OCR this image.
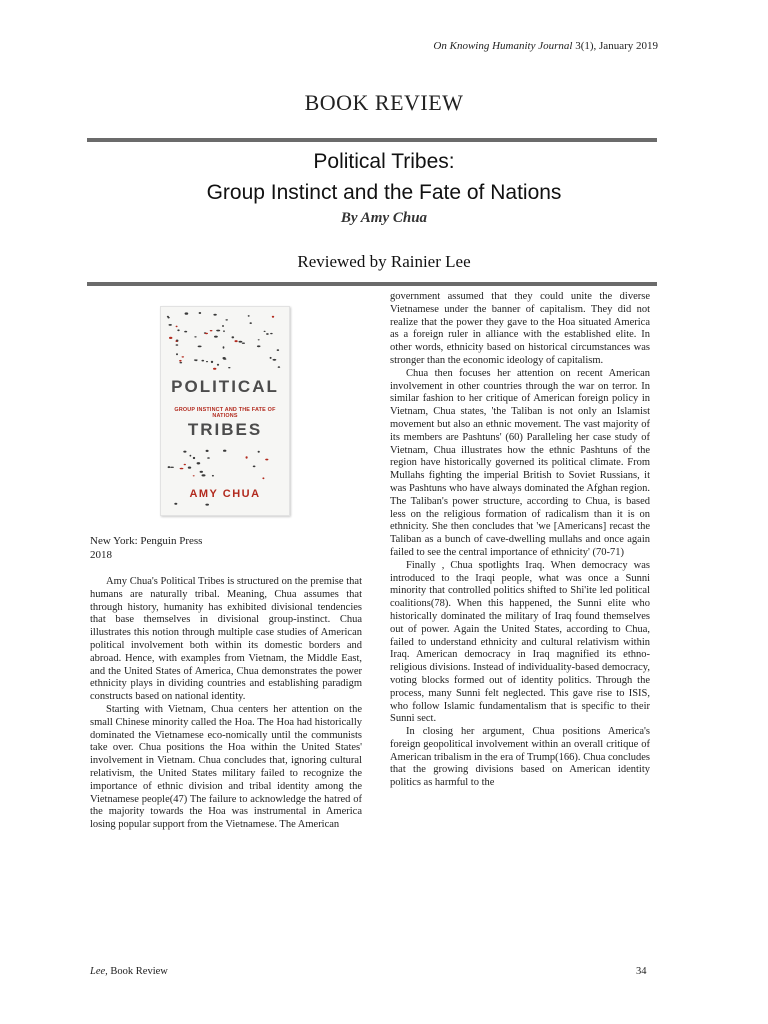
On Knowing Humanity Journal 3(1), January 2019
BOOK REVIEW
Political Tribes:
Group Instinct and the Fate of Nations
By Amy Chua
Reviewed by Rainier Lee
POLITICAL
GROUP INSTINCT AND THE FATE OF NATIONS
TRIBES
AMY CHUA
New York: Penguin Press
2018

Amy Chua's Political Tribes is structured on the premise that humans are naturally tribal. Meaning, Chua assumes that through history, humanity has exhibited divisional tendencies that base themselves in divisional group-instinct. Chua illustrates this notion through multiple case studies of American political involvement both within its domestic borders and abroad. Hence, with examples from Vietnam, the Middle East, and the United States of America, Chua demonstrates the power ethnicity plays in dividing countries and establishing paradigm constructs based on national identity.

Starting with Vietnam, Chua centers her attention on the small Chinese minority called the Hoa. The Hoa had historically dominated the Vietnamese eco-nomically until the communists take over. Chua positions the Hoa within the United States' involvement in Vietnam. Chua concludes that, ignoring cultural relativism, the United States military failed to recognize the importance of ethnic division and tribal identity among the Vietnamese people(47) The failure to acknowledge the hatred of the majority towards the Hoa was instrumental in America losing popular support from the Vietnamese. The American

government assumed that they could unite the diverse Vietnamese under the banner of capitalism. They did not realize that the power they gave to the Hoa situated America as a foreign ruler in alliance with the established elite. In other words, ethnicity based on historical circumstances was stronger than the economic ideology of capitalism.

Chua then focuses her attention on recent American involvement in other countries through the war on terror. In similar fashion to her critique of American foreign policy in Vietnam, Chua states, 'the Taliban is not only an Islamist movement but also an ethnic movement. The vast majority of its members are Pashtuns' (60) Paralleling her case study of Vietnam, Chua illustrates how the ethnic Pashtuns of the region have historically governed its political climate. From Mullahs fighting the imperial British to Soviet Russians, it was Pashtuns who have always dominated the Afghan region. The Taliban's power structure, according to Chua, is based less on the religious formation of radicalism than it is on ethnicity. She then concludes that 'we [Americans] recast the Taliban as a bunch of cave-dwelling mullahs and once again failed to see the central importance of ethnicity' (70-71)

Finally , Chua spotlights Iraq. When democracy was introduced to the Iraqi people, what was once a Sunni minority that controlled politics shifted to Shi'ite led political coalitions(78). When this happened, the Sunni elite who historically dominated the military of Iraq found themselves out of power. Again the United States, according to Chua, failed to understand ethnicity and cultural relativism within Iraq. American democracy in Iraq magnified its ethno-religious divisions. Instead of individuality-based democracy, voting blocks formed out of identity politics. Through the process, many Sunni felt neglected. This gave rise to ISIS, who follow Islamic fundamentalism that is specific to their Sunni sect.

In closing her argument, Chua positions America's foreign geopolitical involvement within an overall critique of American tribalism in the era of Trump(166). Chua concludes that the growing divisions based on American identity politics as harmful to the

Lee, Book Review	34
